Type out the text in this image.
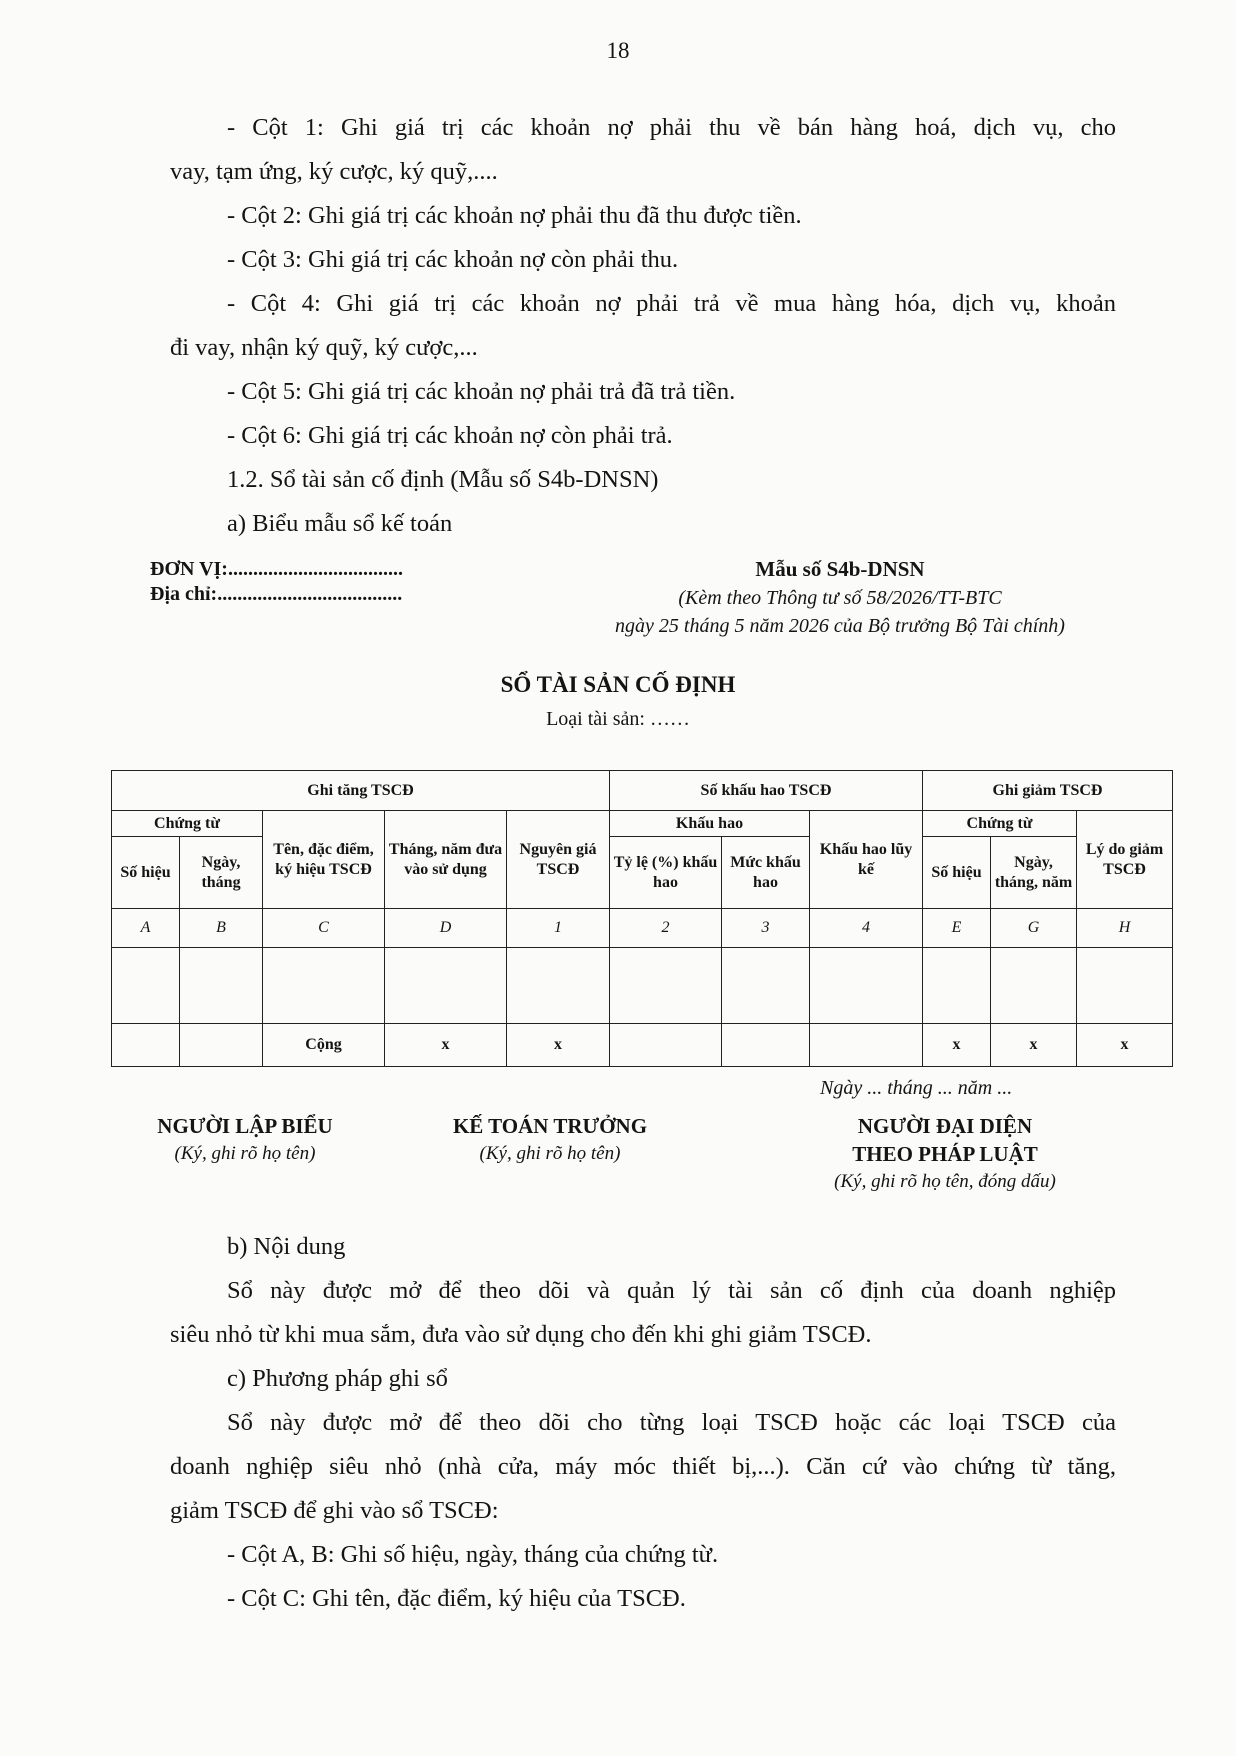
18

- Cột 1: Ghi giá trị các khoản nợ phải thu về bán hàng hoá, dịch vụ, cho

vay, tạm ứng, ký cược, ký quỹ,....

- Cột 2: Ghi giá trị các khoản nợ phải thu đã thu được tiền.

- Cột 3: Ghi giá trị các khoản nợ còn phải thu.

- Cột 4: Ghi giá trị các khoản nợ phải trả về mua hàng hóa, dịch vụ, khoản

đi vay, nhận ký quỹ, ký cược,...

- Cột 5: Ghi giá trị các khoản nợ phải trả đã trả tiền.

- Cột 6: Ghi giá trị các khoản nợ còn phải trả.

1.2. Sổ tài sản cố định (Mẫu số S4b-DNSN)

a) Biểu mẫu sổ kế toán

ĐƠN VỊ:...................................
Địa chỉ:.....................................
Mẫu số S4b-DNSN
(Kèm theo Thông tư số 58/2026/TT-BTC
ngày 25 tháng 5 năm 2026 của Bộ trưởng Bộ Tài chính)
SỔ TÀI SẢN CỐ ĐỊNH
Loại tài sản: ……
Ghi tăng TSCĐ					Số khấu hao TSCĐ			Ghi giảm TSCĐ		
Chứng từ		Tên, đặc điểm, ký hiệu TSCĐ	Tháng, năm đưa vào sử dụng	Nguyên giá TSCĐ	Khấu hao		Khấu hao lũy kế	Chứng từ		Lý do giảm TSCĐ
Số hiệu	Ngày, tháng				Tỷ lệ (%) khấu hao	Mức khấu hao		Số hiệu	Ngày, tháng, năm	
A	B	C	D	1	2	3	4	E	G	H

		Cộng	x	x				x	x	x
Ngày ... tháng ... năm ...
NGƯỜI LẬP BIỂU
(Ký, ghi rõ họ tên)
KẾ TOÁN TRƯỞNG
(Ký, ghi rõ họ tên)
NGƯỜI ĐẠI DIỆN
THEO PHÁP LUẬT
(Ký, ghi rõ họ tên, đóng dấu)

b) Nội dung

Sổ này được mở để theo dõi và quản lý tài sản cố định của doanh nghiệp

siêu nhỏ từ khi mua sắm, đưa vào sử dụng cho đến khi ghi giảm TSCĐ.

c) Phương pháp ghi sổ

Sổ này được mở để theo dõi cho từng loại TSCĐ hoặc các loại TSCĐ của

doanh nghiệp siêu nhỏ (nhà cửa, máy móc thiết bị,...). Căn cứ vào chứng từ tăng,

giảm TSCĐ để ghi vào sổ TSCĐ:

- Cột A, B: Ghi số hiệu, ngày, tháng của chứng từ.

- Cột C: Ghi tên, đặc điểm, ký hiệu của TSCĐ.
